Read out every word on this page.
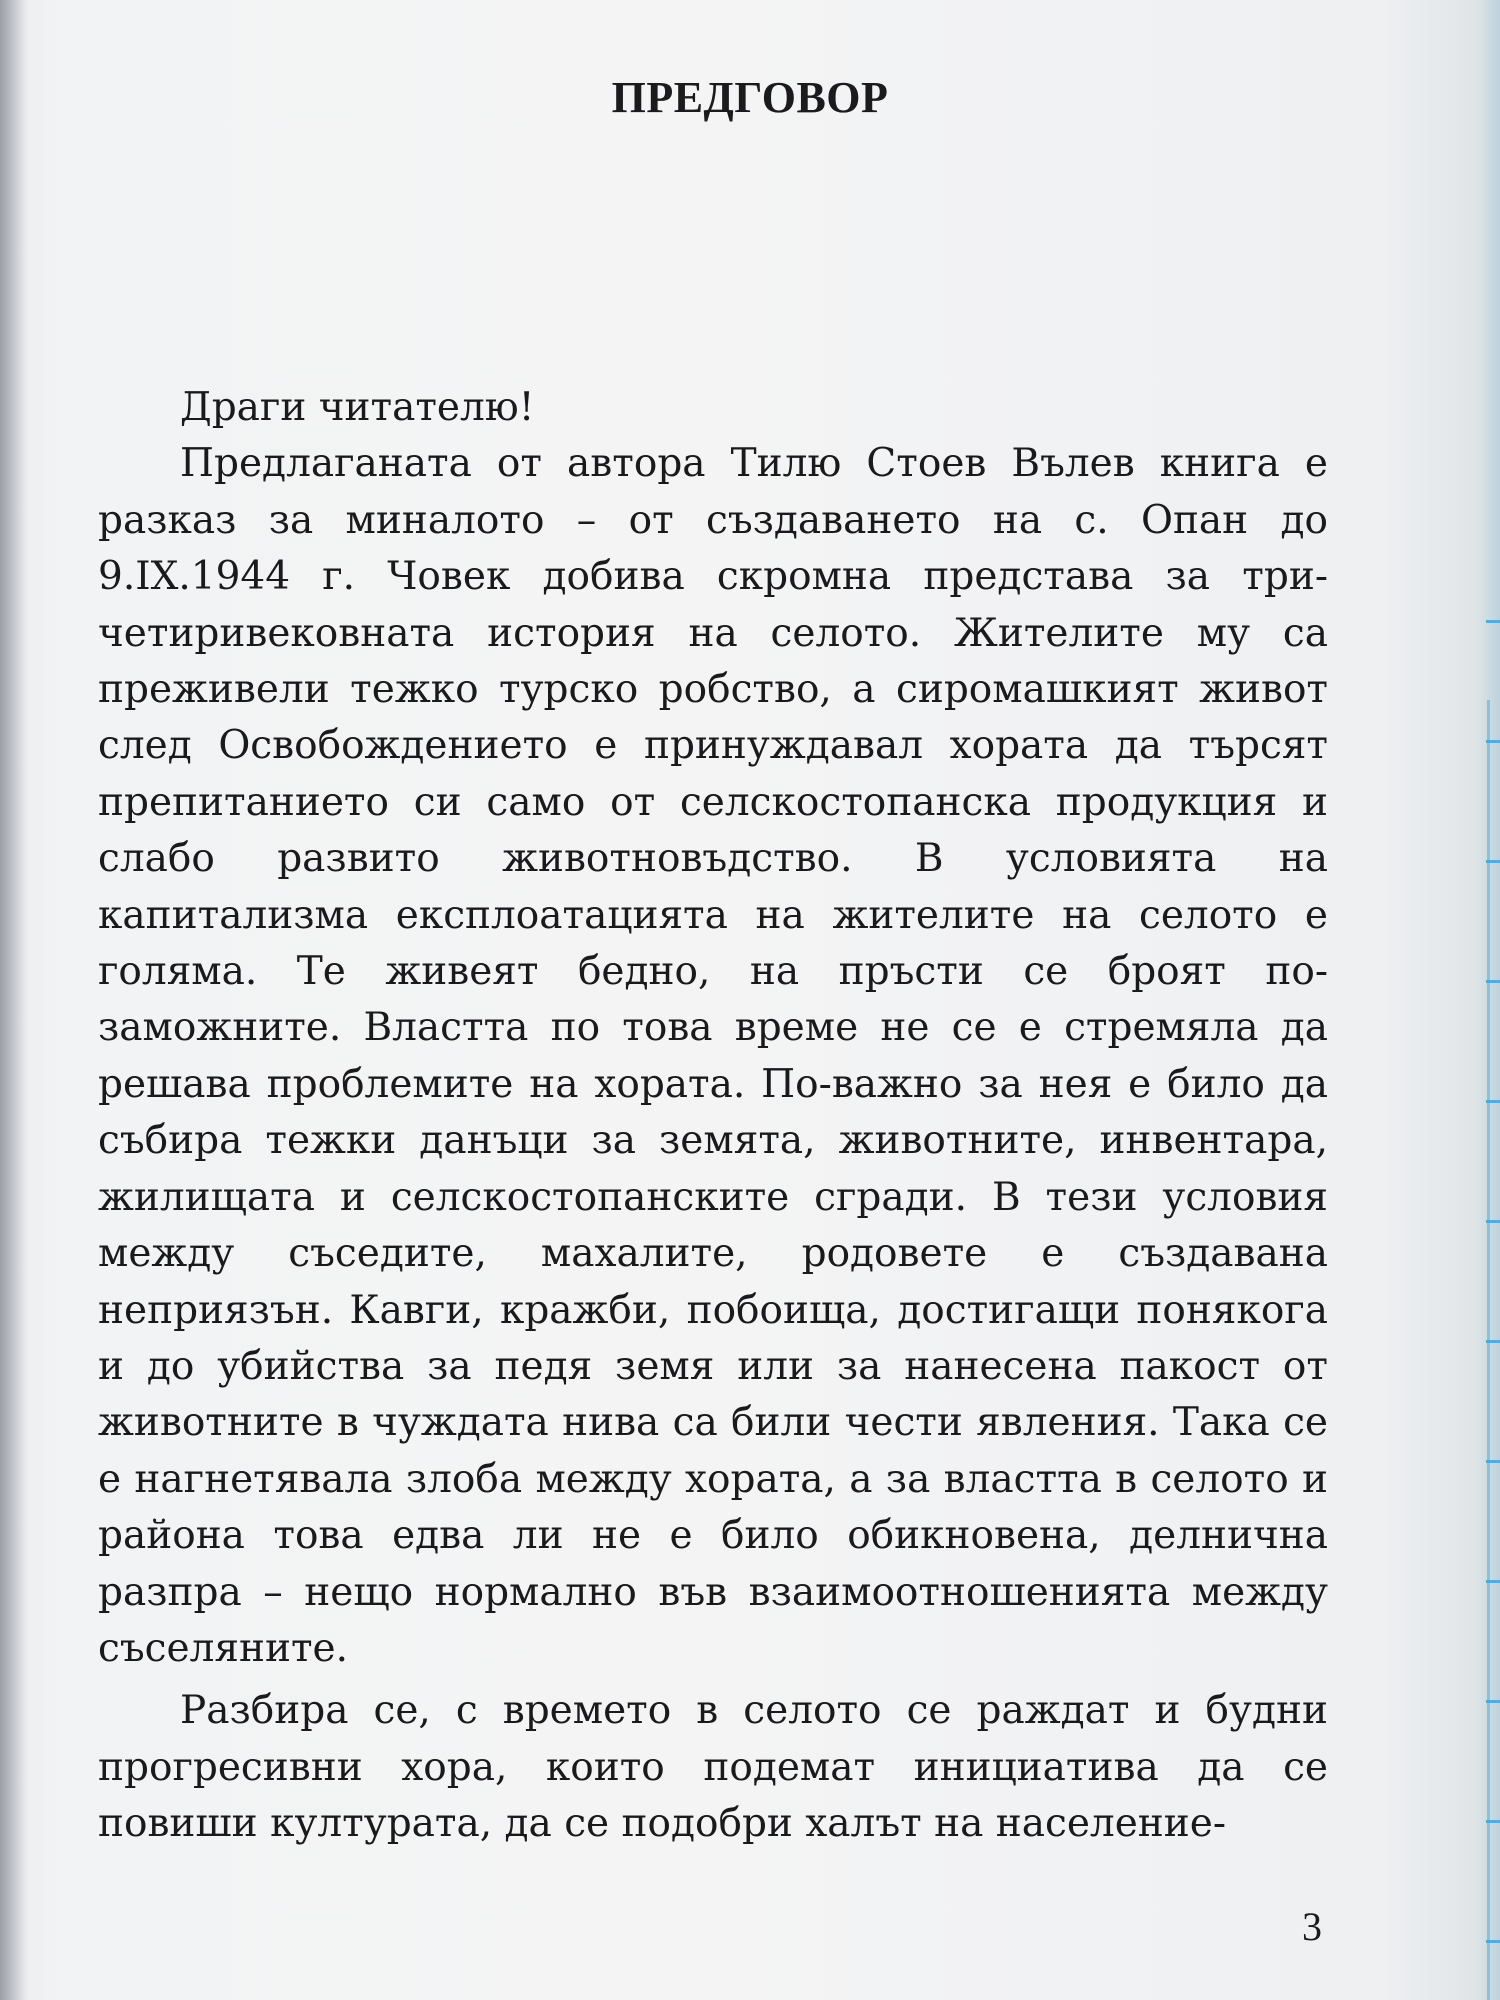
ПРЕДГОВОР
Драги читателю!

Предлаганата от автора Тилю Стоев Вълев книга е разказ за миналото – от създаването на с. Опан до 9.IX.1944 г. Човек добива скромна представа за три-четиривековната история на селото. Жителите му са преживели тежко турско робство, а сиромашкият живот след Освобождението е принуждавал хората да търсят препитанието си само от селскостопанска продукция и слабо развито животновъдство. В условията на капитализма експлоатацията на жителите на селото е голяма. Те живеят бедно, на пръсти се броят по-заможните. Властта по това време не се е стремяла да решава проблемите на хората. По-важно за нея е било да събира тежки данъци за земята, животните, инвентара, жилищата и селскостопанските сгради. В тези условия между съседите, махалите, родовете е създавана неприязън. Кавги, кражби, побоища, достигащи понякога и до убийства за педя земя или за нанесена пакост от животните в чуждата нива са били чести явления. Така се е нагнетявала злоба между хората, а за властта в селото и района това едва ли не е било обикновена, делнична разпра – нещо нормално във взаимоотношенията между съселяните.

Разбира се, с времето в селото се раждат и будни прогресивни хора, които подемат инициатива да се повиши културата, да се подобри халът на население-

3
